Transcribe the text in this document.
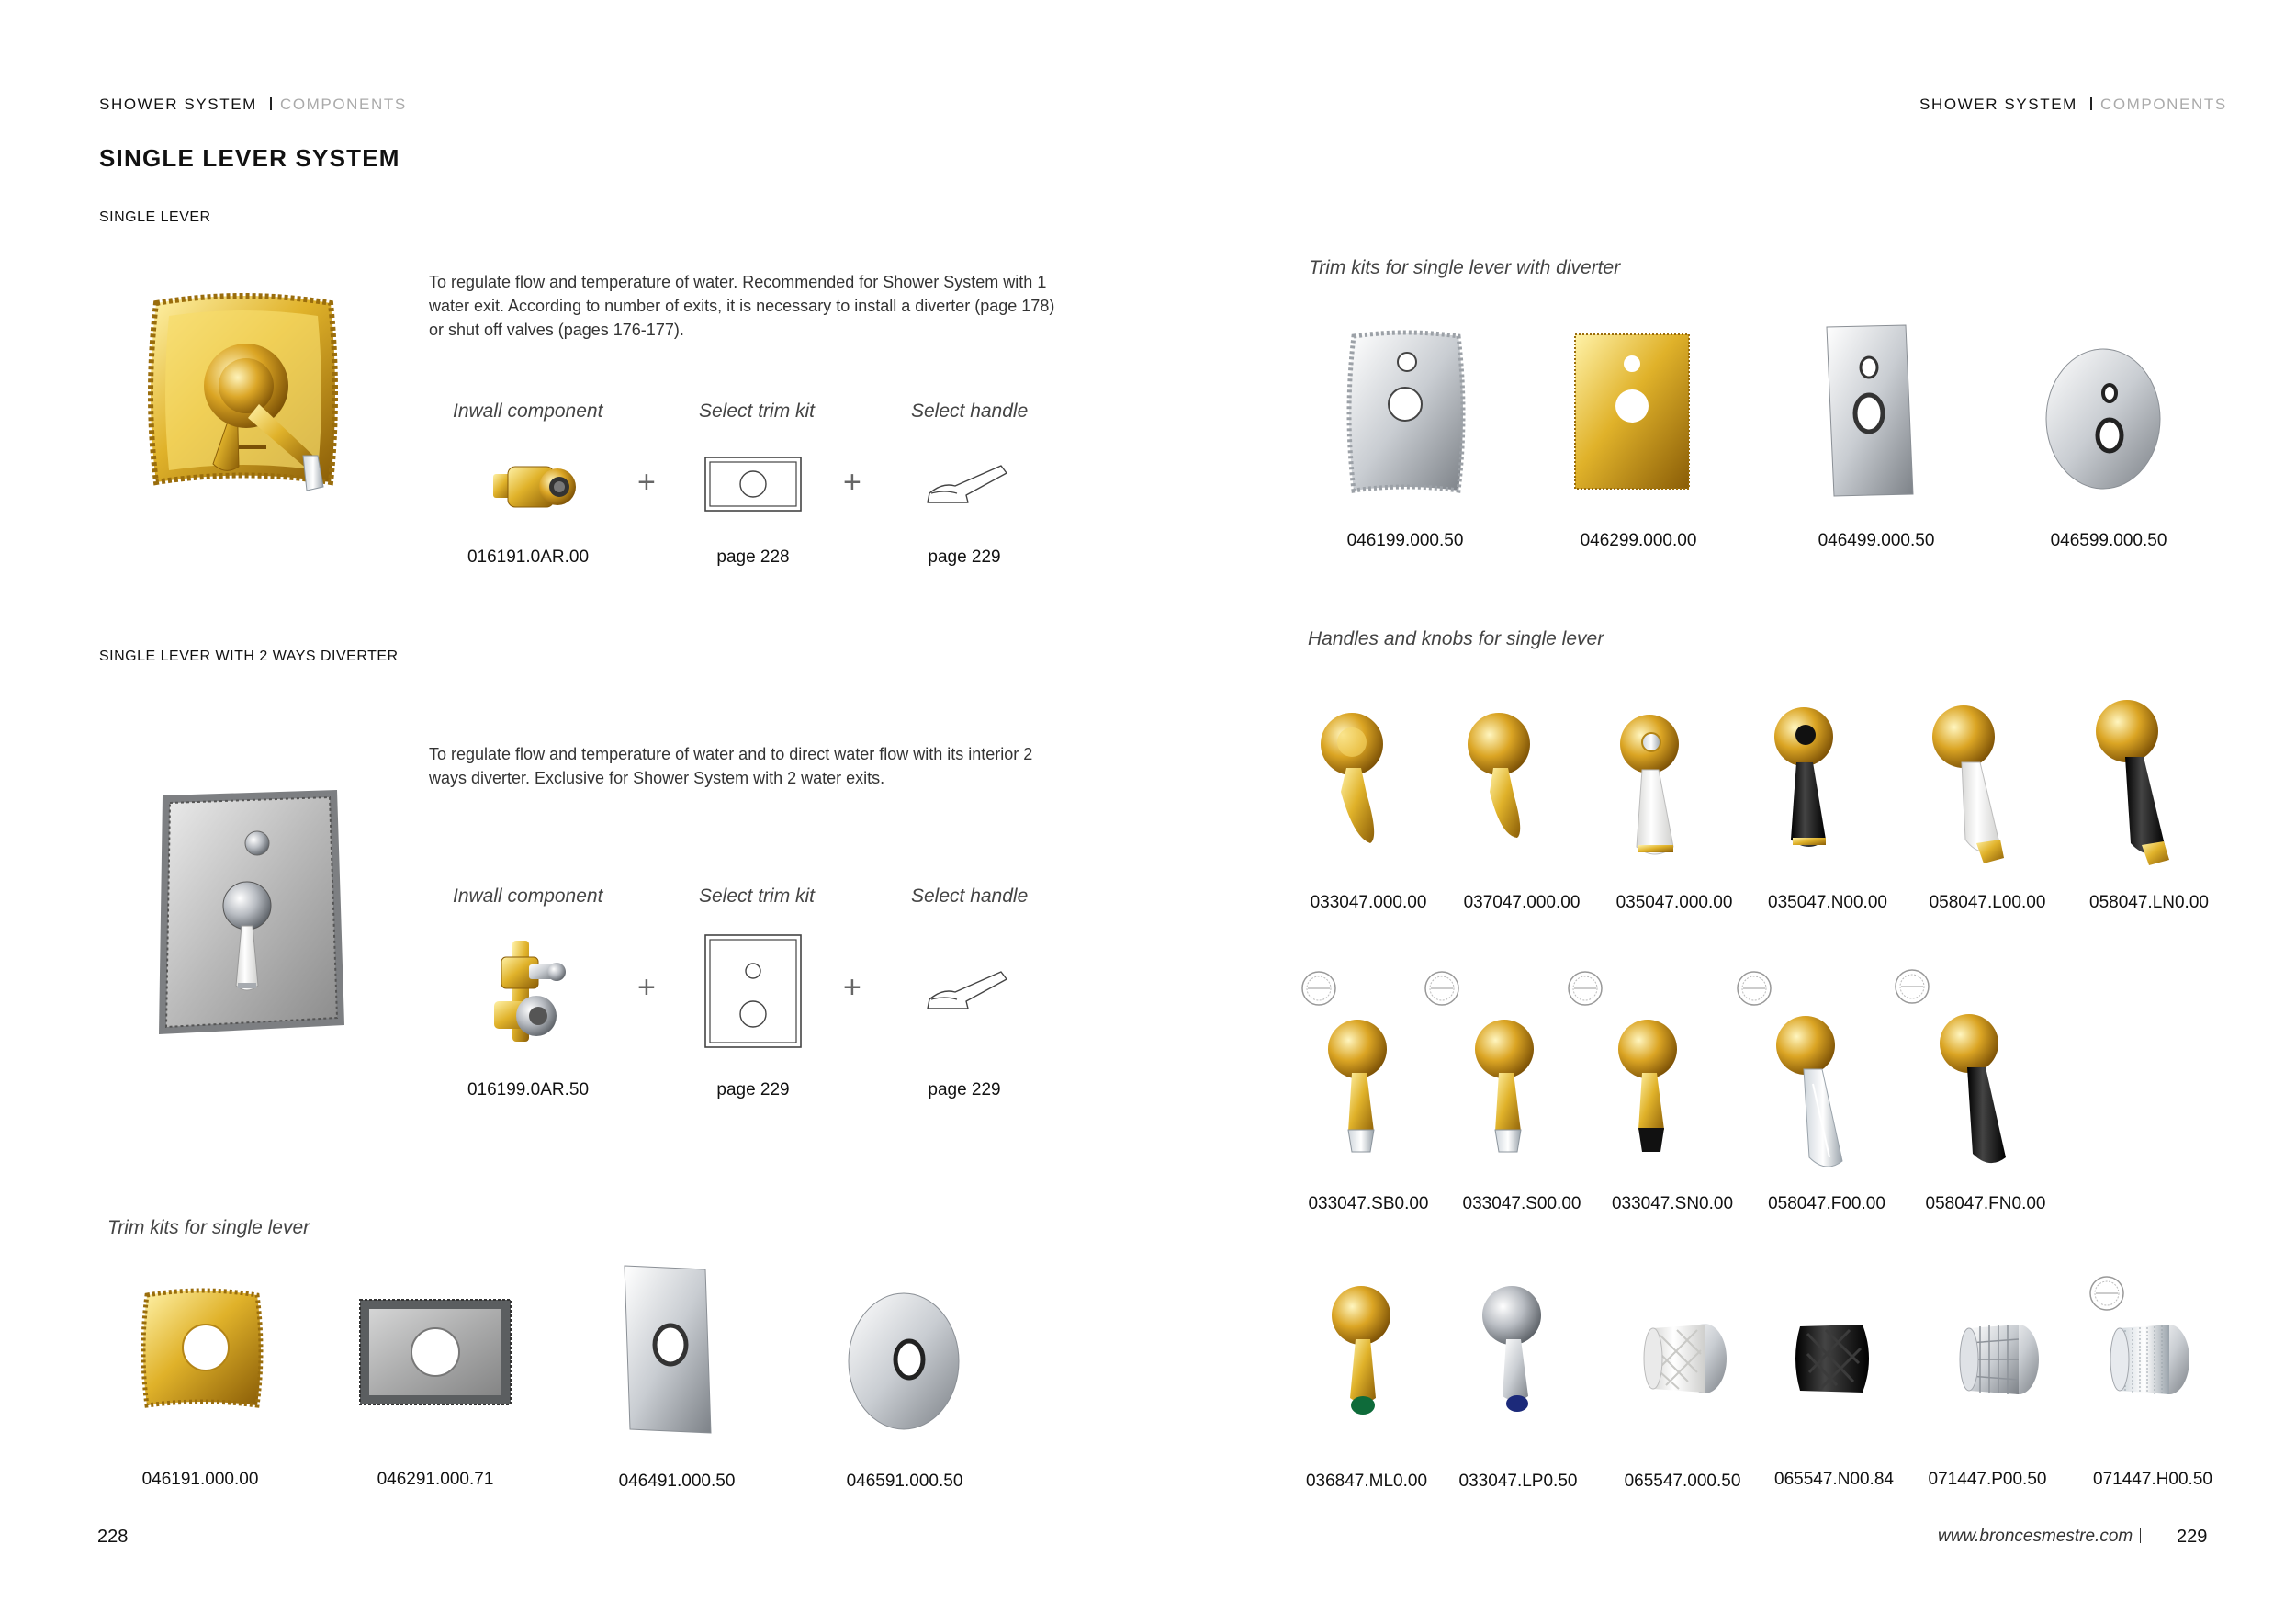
SHOWER SYSTEM COMPONENTS
SINGLE LEVER SYSTEM
SINGLE LEVER
To regulate flow and temperature of water. Recommended for Shower System with 1 water exit. According to number of exits, it is necessary to install a diverter (page 178) or shut off valves (pages 176-177).
Inwall component	Select trim kit	Select handle
+	+
016191.0AR.00	page 228	page 229
SINGLE LEVER WITH 2 WAYS DIVERTER
To regulate flow and temperature of water and to direct water flow with its interior 2 ways diverter. Exclusive for Shower System with 2 water exits.
Inwall component	Select trim kit	Select handle
+	+
016199.0AR.50	page 229	page 229
Trim kits for single lever
046191.000.00	046291.000.71	046491.000.50	046591.000.50
228
SHOWER SYSTEM COMPONENTS
Trim kits for single lever with diverter
046199.000.50	046299.000.00	046499.000.50	046599.000.50
Handles and knobs for single lever
033047.000.00	037047.000.00	035047.000.00	035047.N00.00	058047.L00.00	058047.LN0.00
033047.SB0.00	033047.S00.00	033047.SN0.00	058047.F00.00	058047.FN0.00
036847.ML0.00	033047.LP0.50	065547.000.50	065547.N00.84	071447.P00.50	071447.H00.50
www.broncesmestre.com	229
